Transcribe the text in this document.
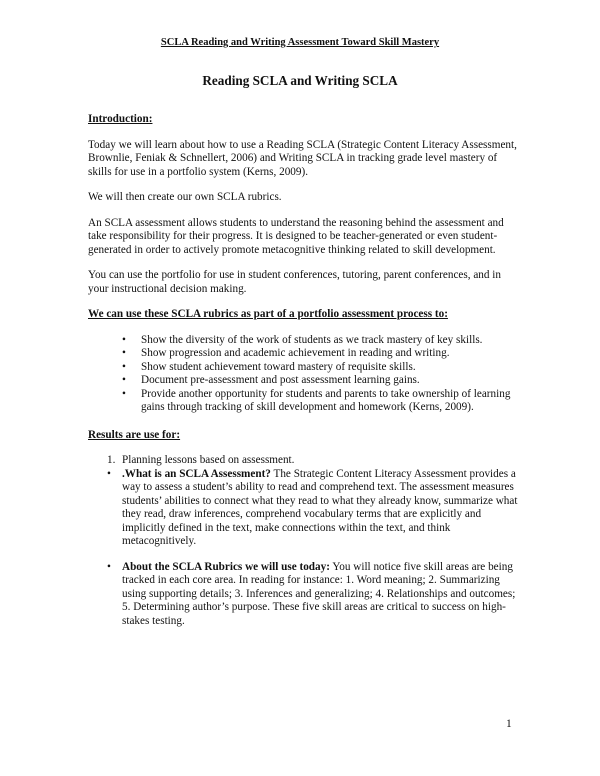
SCLA Reading and Writing Assessment Toward Skill Mastery
Reading SCLA and Writing SCLA

Introduction:

Today we will learn about how to use a Reading SCLA (Strategic Content Literacy Assessment, Brownlie, Feniak & Schnellert, 2006) and Writing SCLA in tracking grade level mastery of skills for use in a portfolio system (Kerns, 2009).

We will then create our own SCLA rubrics.

An SCLA assessment allows students to understand the reasoning behind the assessment and take responsibility for their progress. It is designed to be teacher-generated or even student-generated in order to actively promote metacognitive thinking related to skill development.

You can use the portfolio for use in student conferences, tutoring, parent conferences, and in your instructional decision making.

We can use these SCLA rubrics as part of a portfolio assessment process to:

• Show the diversity of the work of students as we track mastery of key skills.
• Show progression and academic achievement in reading and writing.
• Show student achievement toward mastery of requisite skills.
• Document pre-assessment and post assessment learning gains.
• Provide another opportunity for students and parents to take ownership of learning gains through tracking of skill development and homework (Kerns, 2009).

Results are use for:

1. Planning lessons based on assessment.
• .What is an SCLA Assessment? The Strategic Content Literacy Assessment provides a way to assess a student’s ability to read and comprehend text. The assessment measures students’ abilities to connect what they read to what they already know, summarize what they read, draw inferences, comprehend vocabulary terms that are explicitly and implicitly defined in the text, make connections within the text, and think metacognitively.
• About the SCLA Rubrics we will use today: You will notice five skill areas are being tracked in each core area. In reading for instance: 1. Word meaning; 2. Summarizing using supporting details; 3. Inferences and generalizing; 4. Relationships and outcomes; 5. Determining author’s purpose. These five skill areas are critical to success on high-stakes testing.
1
